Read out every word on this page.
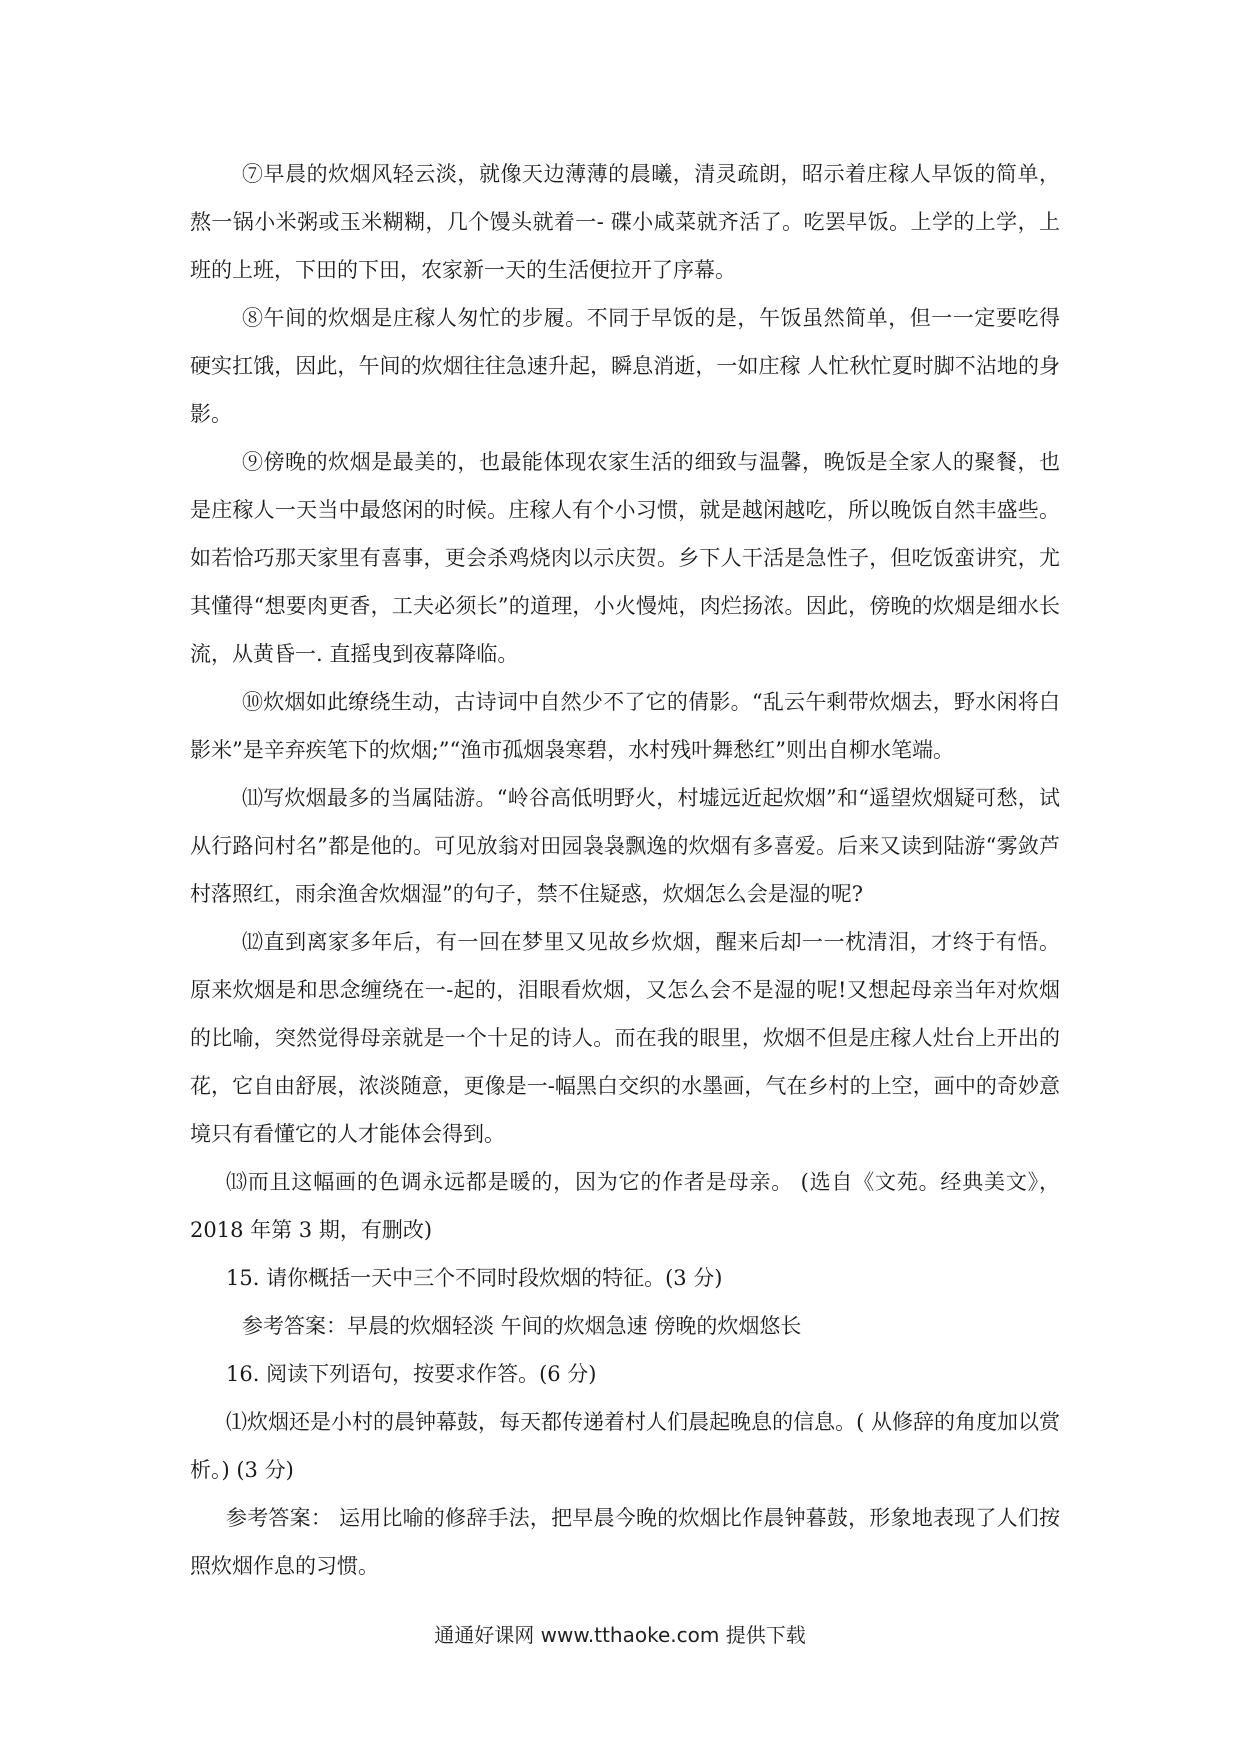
⑦早晨的炊烟风轻云淡，就像天边薄薄的晨曦，清灵疏朗，昭示着庄稼人早饭的简单，熬一锅小米粥或玉米糊糊，几个馒头就着一- 碟小咸菜就齐活了。吃罢早饭。上学的上学，上班的上班，下田的下田，农家新一天的生活便拉开了序幕。

⑧午间的炊烟是庄稼人匆忙的步履。不同于早饭的是，午饭虽然简单，但一一定要吃得硬实扛饿，因此，午间的炊烟往往急速升起，瞬息消逝，一如庄稼 人忙秋忙夏时脚不沾地的身影。

⑨傍晚的炊烟是最美的，也最能体现农家生活的细致与温馨，晚饭是全家人的聚餐，也是庄稼人一天当中最悠闲的时候。庄稼人有个小习惯，就是越闲越吃，所以晚饭自然丰盛些。如若恰巧那天家里有喜事，更会杀鸡烧肉以示庆贺。乡下人干活是急性子，但吃饭蛮讲究，尤其懂得“想要肉更香，工夫必须长”的道理，小火慢炖，肉烂扬浓。因此，傍晚的炊烟是细水长流，从黄昏一. 直摇曳到夜幕降临。

⑩炊烟如此缭绕生动，古诗词中自然少不了它的倩影。“乱云午剩带炊烟去，野水闲将白影米”是辛弃疾笔下的炊烟;”“渔市孤烟袅寒碧，水村残叶舞愁红”则出自柳水笔端。

⑾写炊烟最多的当属陆游。“岭谷高低明野火，村墟远近起炊烟”和“遥望炊烟疑可愁，试从行路问村名”都是他的。可见放翁对田园袅袅飘逸的炊烟有多喜爱。后来又读到陆游“雾敛芦村落照红，雨余渔舍炊烟湿”的句子，禁不住疑惑，炊烟怎么会是湿的呢?

⑿直到离家多年后，有一回在梦里又见故乡炊烟，醒来后却一一枕清泪，才终于有悟。原来炊烟是和思念缠绕在一-起的，泪眼看炊烟，又怎么会不是湿的呢!又想起母亲当年对炊烟的比喻，突然觉得母亲就是一个十足的诗人。而在我的眼里，炊烟不但是庄稼人灶台上开出的花，它自由舒展，浓淡随意，更像是一-幅黑白交织的水墨画，气在乡村的上空，画中的奇妙意境只有看懂它的人才能体会得到。

⒀而且这幅画的色调永远都是暖的，因为它的作者是母亲。 (选自《文苑。经典美文》，2018 年第 3 期，有删改)

15. 请你概括一天中三个不同时段炊烟的特征。(3 分)

参考答案：早晨的炊烟轻淡 午间的炊烟急速 傍晚的炊烟悠长

16. 阅读下列语句，按要求作答。(6 分)

⑴炊烟还是小村的晨钟幕鼓，每天都传递着村人们晨起晚息的信息。( 从修辞的角度加以赏析。) (3 分)

参考答案： 运用比喻的修辞手法，把早晨今晚的炊烟比作晨钟暮鼓，形象地表现了人们按照炊烟作息的习惯。

通通好课网 www.tthaoke.com 提供下载
